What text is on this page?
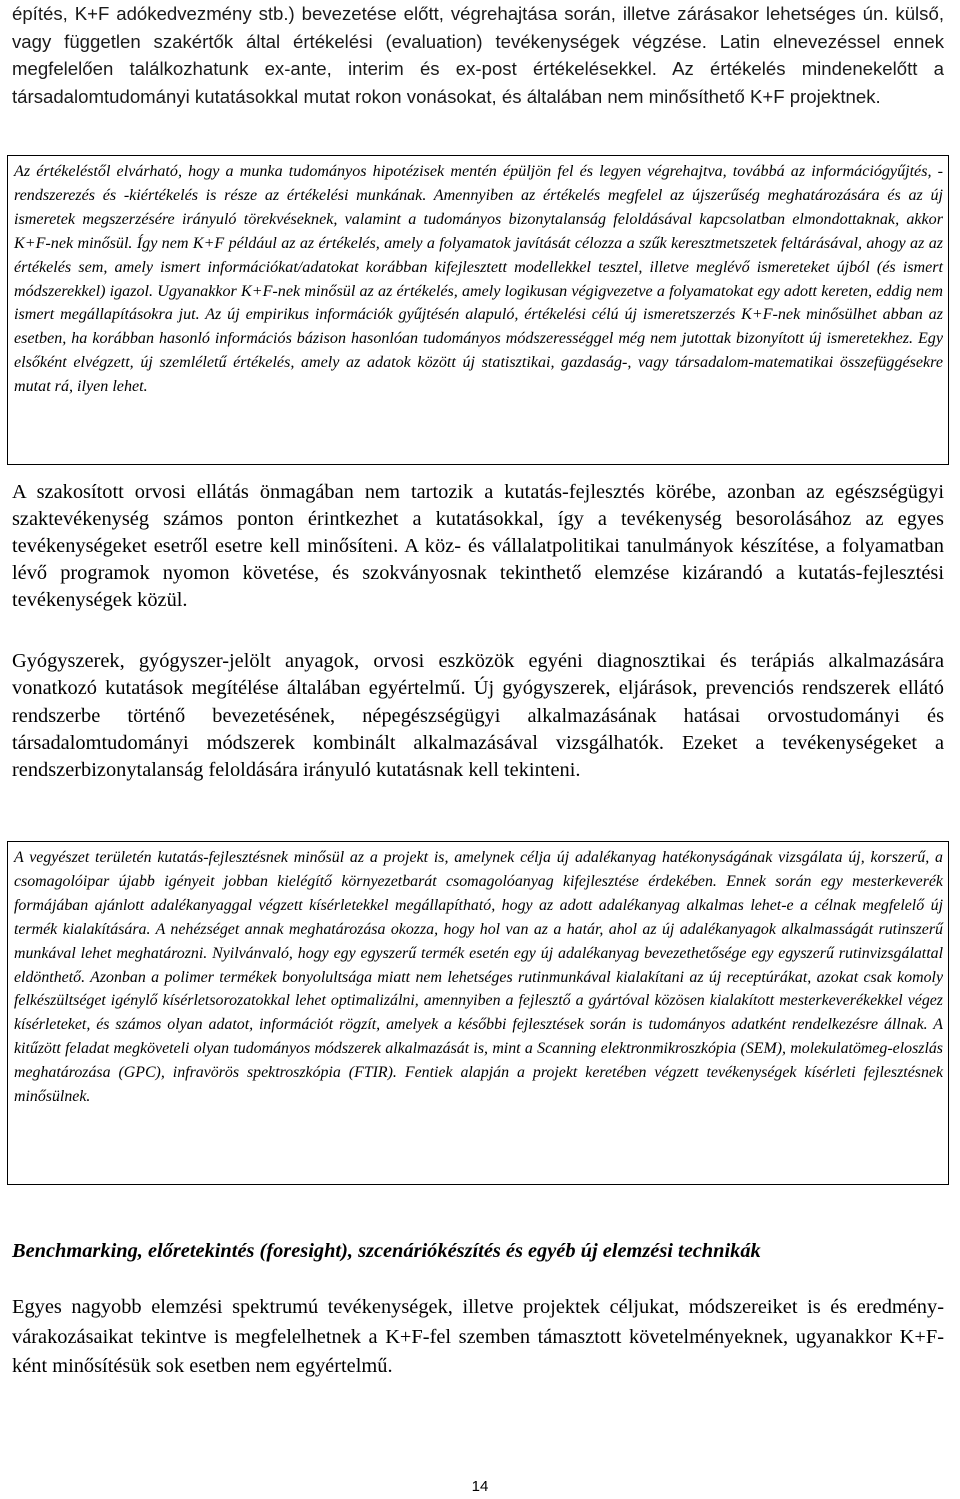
építés, K+F adókedvezmény stb.) bevezetése előtt, végrehajtása során, illetve zárásakor lehetséges ún. külső, vagy független szakértők által értékelési (evaluation) tevékenységek végzése. Latin elnevezéssel ennek megfelelően találkozhatunk ex-ante, interim és ex-post értékelésekkel. Az értékelés mindenekelőtt a társadalomtudományi kutatásokkal mutat rokon vonásokat, és általában nem minősíthető K+F projektnek.

Az értékeléstől elvárható, hogy a munka tudományos hipotézisek mentén épüljön fel és legyen végrehajtva, továbbá az információgyűjtés, -rendszerezés és -kiértékelés is része az értékelési munkának. Amennyiben az értékelés megfelel az újszerűség meghatározására és az új ismeretek megszerzésére irányuló törekvéseknek, valamint a tudományos bizonytalanság feloldásával kapcsolatban elmondottaknak, akkor K+F-nek minősül. Így nem K+F például az az értékelés, amely a folyamatok javítását célozza a szűk keresztmetszetek feltárásával, ahogy az az értékelés sem, amely ismert információkat/adatokat korábban kifejlesztett modellekkel tesztel, illetve meglévő ismereteket újból (és ismert módszerekkel) igazol. Ugyanakkor K+F-nek minősül az az értékelés, amely logikusan végigvezetve a folyamatokat egy adott kereten, eddig nem ismert megállapításokra jut. Az új empirikus információk gyűjtésén alapuló, értékelési célú új ismeretszerzés K+F-nek minősülhet abban az esetben, ha korábban hasonló információs bázison hasonlóan tudományos módszerességgel még nem jutottak bizonyított új ismeretekhez. Egy elsőként elvégzett, új szemléletű értékelés, amely az adatok között új statisztikai, gazdaság-, vagy társadalom-matematikai összefüggésekre mutat rá, ilyen lehet.

A szakosított orvosi ellátás önmagában nem tartozik a kutatás-fejlesztés körébe, azonban az egészségügyi szaktevékenység számos ponton érintkezhet a kutatásokkal, így a tevékenység besorolásához az egyes tevékenységeket esetről esetre kell minősíteni. A köz- és vállalatpolitikai tanulmányok készítése, a folyamatban lévő programok nyomon követése, és szokványosnak tekinthető elemzése kizárandó a kutatás-fejlesztési tevékenységek közül.

Gyógyszerek, gyógyszer-jelölt anyagok, orvosi eszközök egyéni diagnosztikai és terápiás alkalmazására vonatkozó kutatások megítélése általában egyértelmű. Új gyógyszerek, eljárások, prevenciós rendszerek ellátó rendszerbe történő bevezetésének, népegészségügyi alkalmazásának hatásai orvostudományi és társadalomtudományi módszerek kombinált alkalmazásával vizsgálhatók. Ezeket a tevékenységeket a rendszerbizonytalanság feloldására irányuló kutatásnak kell tekinteni.

A vegyészet területén kutatás-fejlesztésnek minősül az a projekt is, amelynek célja új adalékanyag hatékonyságának vizsgálata új, korszerű, a csomagolóipar újabb igényeit jobban kielégítő környezetbarát csomagolóanyag kifejlesztése érdekében. Ennek során egy mesterkeverék formájában ajánlott adalékanyaggal végzett kísérletekkel megállapítható, hogy az adott adalékanyag alkalmas lehet-e a célnak megfelelő új termék kialakítására. A nehézséget annak meghatározása okozza, hogy hol van az a határ, ahol az új adalékanyagok alkalmasságát rutinszerű munkával lehet meghatározni. Nyilvánvaló, hogy egy egyszerű termék esetén egy új adalékanyag bevezethetősége egy egyszerű rutinvizsgálattal eldönthető. Azonban a polimer termékek bonyolultsága miatt nem lehetséges rutinmunkával kialakítani az új receptúrákat, azokat csak komoly felkészültséget igénylő kísérletsorozatokkal lehet optimalizálni, amennyiben a fejlesztő a gyártóval közösen kialakított mesterkeverékekkel végez kísérleteket, és számos olyan adatot, információt rögzít, amelyek a későbbi fejlesztések során is tudományos adatként rendelkezésre állnak. A kitűzött feladat megköveteli olyan tudományos módszerek alkalmazását is, mint a Scanning elektronmikroszkópia (SEM), molekulatömeg-eloszlás meghatározása (GPC), infravörös spektroszkópia (FTIR). Fentiek alapján a projekt keretében végzett tevékenységek kísérleti fejlesztésnek minősülnek.

Benchmarking, előretekintés (foresight), szcenáriókészítés és egyéb új elemzési technikák

Egyes nagyobb elemzési spektrumú tevékenységek, illetve projektek céljukat, módszereiket is és eredmény-várakozásaikat tekintve is megfelelhetnek a K+F-fel szemben támasztott követelményeknek, ugyanakkor K+F-ként minősítésük sok esetben nem egyértelmű.

14
